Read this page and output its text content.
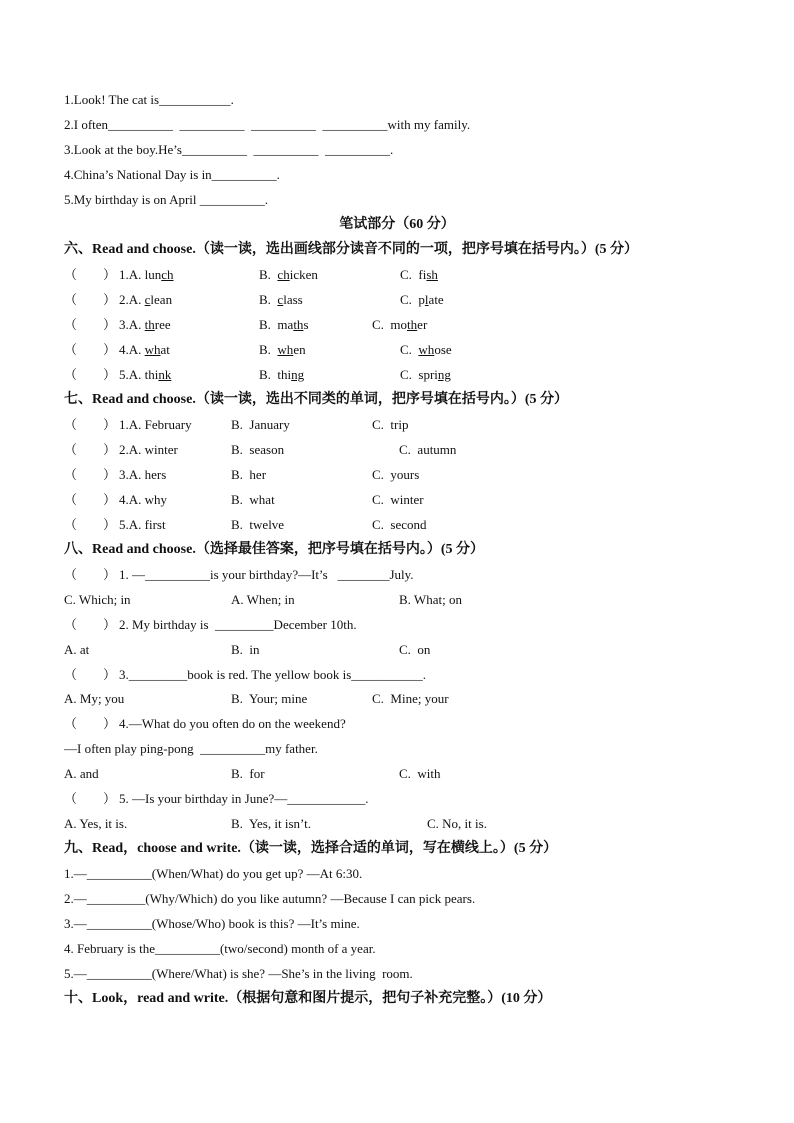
1.Look! The cat is___________.
2.I often__________  __________  __________  __________with my family.
3.Look at the boy.He’s__________  __________  __________.
4.China’s National Day is in__________.
5.My birthday is on April __________.
笔试部分（60 分）
六、Read and choose.（读一读，选出画线部分读音不同的一项，把序号填在括号内。）(5 分）
（        ） 1.A. lunch	B.  chicken	C.  fish
（        ） 2.A. clean	B.  class	C.  plate
（        ） 3.A. three	B.  maths	C.  mother
（        ） 4.A. what	B.  when	C.  whose
（        ） 5.A. think	B.  thing	C.  spring
七、Read and choose.（读一读，选出不同类的单词，把序号填在括号内。）(5 分）
（        ） 1.A. February	B.  January	C.  trip
（        ） 2.A. winter	B.  season	C.  autumn
（        ） 3.A. hers	B.  her	C.  yours
（        ） 4.A. why	B.  what	C.  winter
（        ） 5.A. first	B.  twelve	C.  second
八、Read and choose.（选择最佳答案，把序号填在括号内。）(5 分）
（        ） 1. —__________is your birthday?—It’s   ________July.
C. Which; in	A. When; in	B. What; on
（        ） 2. My birthday is  _________December 10th.
A. at	B.  in	C.  on
（        ） 3._________book is red. The yellow book is___________.
A. My; you	B.  Your; mine	C.  Mine; your
（        ） 4.—What do you often do on the weekend?
—I often play ping-pong  __________my father.
A. and	B.  for	C.  with
（        ） 5. —Is your birthday in June?—____________.
A. Yes, it is.	B.  Yes, it isn’t.	C. No, it is.
九、Read，choose and write.（读一读，选择合适的单词，写在横线上。）(5 分）
1.—__________(When/What) do you get up? —At 6:30.
2.—_________(Why/Which) do you like autumn? —Because I can pick pears.
3.—__________(Whose/Who) book is this? —It’s mine.
4. February is the__________(two/second) month of a year.
5.—__________(Where/What) is she? —She’s in the living  room.
十、Look，read and write.（根据句意和图片提示，把句子补充完整。）(10 分）
